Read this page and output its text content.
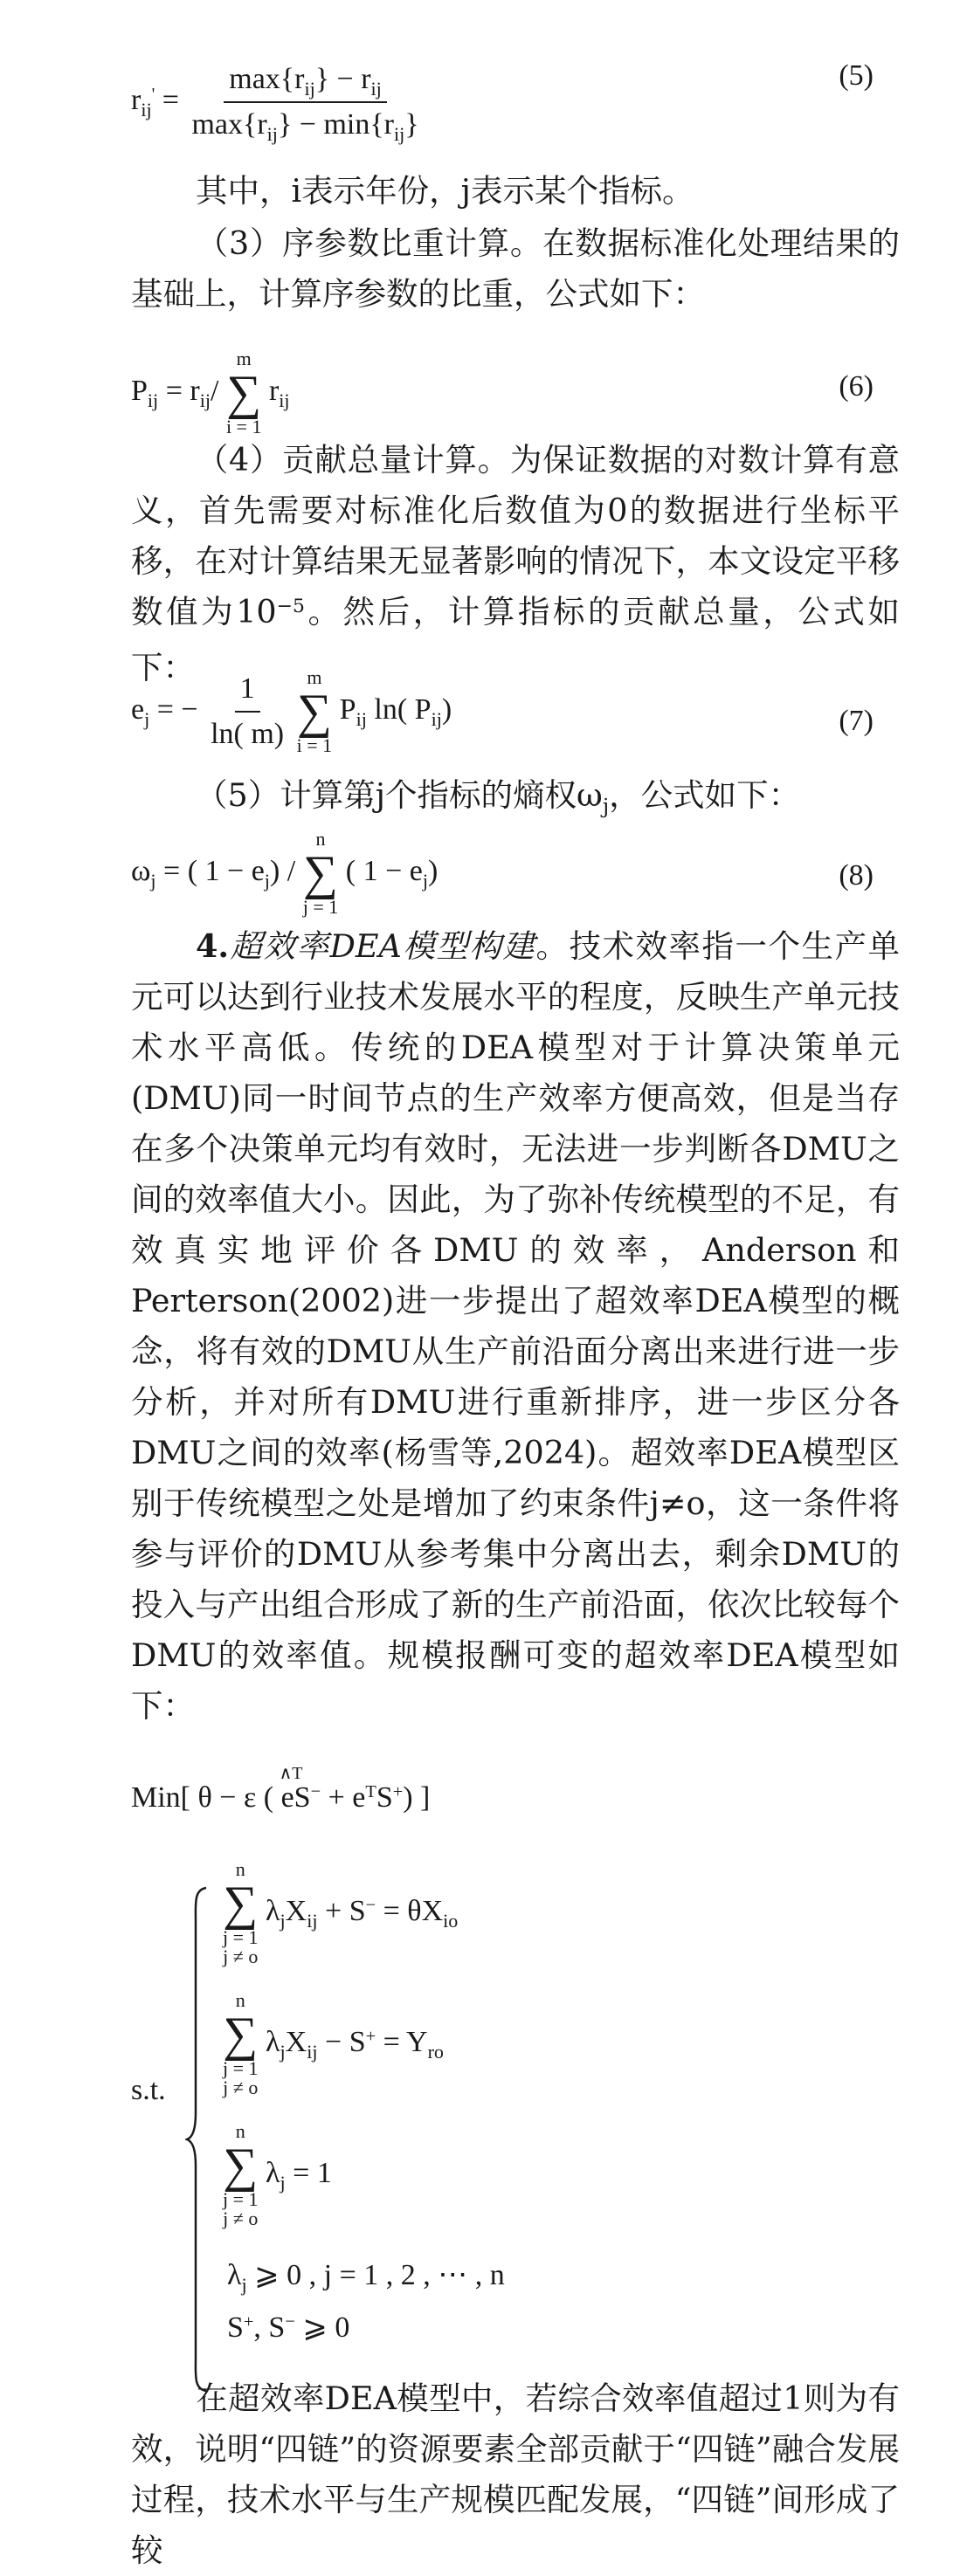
$r_{ij}' = \frac{\max\{r_{ij}\} - r_{ij}}{\max\{r_{ij}\} - \min\{r_{ij}\}}$	(5)

其中，i表示年份，j表示某个指标。

（3）序参数比重计算。在数据标准化处理结果的基础上，计算序参数的比重，公式如下：

$P_{ij} = r_{ij}/$
m
∑
i = 1
$r_{ij}$	(6)

（4）贡献总量计算。为保证数据的对数计算有意义，首先需要对标准化后数值为0的数据进行坐标平移，在对计算结果无显著影响的情况下，本文设定平移数值为$10^{-5}$。然后，计算指标的贡献总量，公式如下：

$e_j$ = − $\frac{1}{\ln( m)}$
m
∑
i = 1
$P_{ij}$ ln( $P_{ij}$)	(7)

（5）计算第j个指标的熵权$\omega_j$，公式如下：

$\omega_j$ = ( $1 - e_j$) /
n
∑
j = 1
( $1 - e_j$)	(8)

4.超效率DEA模型构建。技术效率指一个生产单元可以达到行业技术发展水平的程度，反映生产单元技术水平高低。传统的DEA模型对于计算决策单元(DMU)同一时间节点的生产效率方便高效，但是当存在多个决策单元均有效时，无法进一步判断各DMU之间的效率值大小。因此，为了弥补传统模型的不足，有效真实地评价各DMU的效率，Anderson和Perterson(2002)进一步提出了超效率DEA模型的概念，将有效的DMU从生产前沿面分离出来进行进一步分析，并对所有DMU进行重新排序，进一步区分各DMU之间的效率(杨雪等,2024)。超效率DEA模型区别于传统模型之处是增加了约束条件j≠o，这一条件将参与评价的DMU从参考集中分离出去，剩余DMU的投入与产出组合形成了新的生产前沿面，依次比较每个DMU的效率值。规模报酬可变的超效率DEA模型如下：

Min[ θ − ε (
∧T
$eS^- + e^TS^+$) ]
s.t.
n
∑
j = 1
j ≠ o
$\lambda_jX_{ij} + S^- = \theta X_{io}$
n
∑
j = 1
j ≠ o
$\lambda_jX_{ij} - S^+ = Y_{ro}$
n
∑
j = 1
j ≠ o
$\lambda_j = 1$
$\lambda_j$ ⩾ 0 , j = 1 , 2 , ⋯ , n
S+, S− ⩾ 0

在超效率DEA模型中，若综合效率值超过1则为有效，说明“四链”的资源要素全部贡献于“四链”融合发展过程，技术水平与生产规模匹配发展，“四链”间形成了较
